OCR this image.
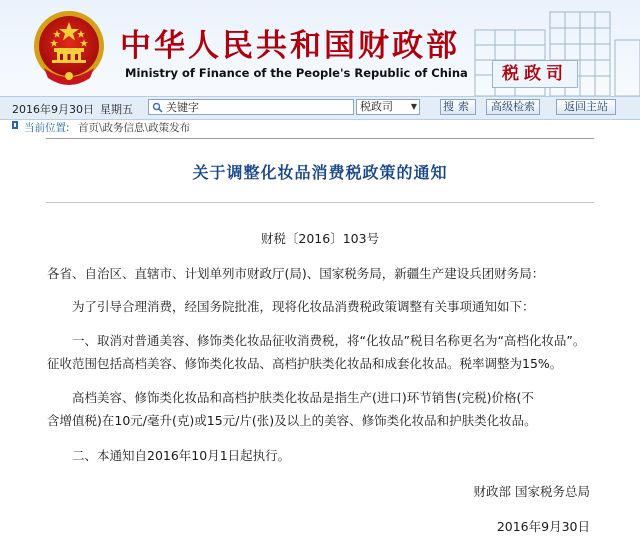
中华人民共和国财政部
Ministry of Finance of the People's Republic of China	税政司
2016年9月30日 星期五
关键字	税政司 ▼ 搜索	高级检索	返回主站
当前位置: 首页\政务信息\政策发布
关于调整化妆品消费税政策的通知
财税〔2016〕103号
各省、自治区、直辖市、计划单列市财政厅(局)、国家税务局，新疆生产建设兵团财务局：
为了引导合理消费，经国务院批准，现将化妆品消费税政策调整有关事项通知如下：
一、取消对普通美容、修饰类化妆品征收消费税，将“化妆品”税目名称更名为“高档化妆品”。
征收范围包括高档美容、修饰类化妆品、高档护肤类化妆品和成套化妆品。税率调整为15%。
高档美容、修饰类化妆品和高档护肤类化妆品是指生产(进口)环节销售(完税)价格(不
含增值税)在10元/毫升(克)或15元/片(张)及以上的美容、修饰类化妆品和护肤类化妆品。
二、本通知自2016年10月1日起执行。
财政部 国家税务总局
2016年9月30日
